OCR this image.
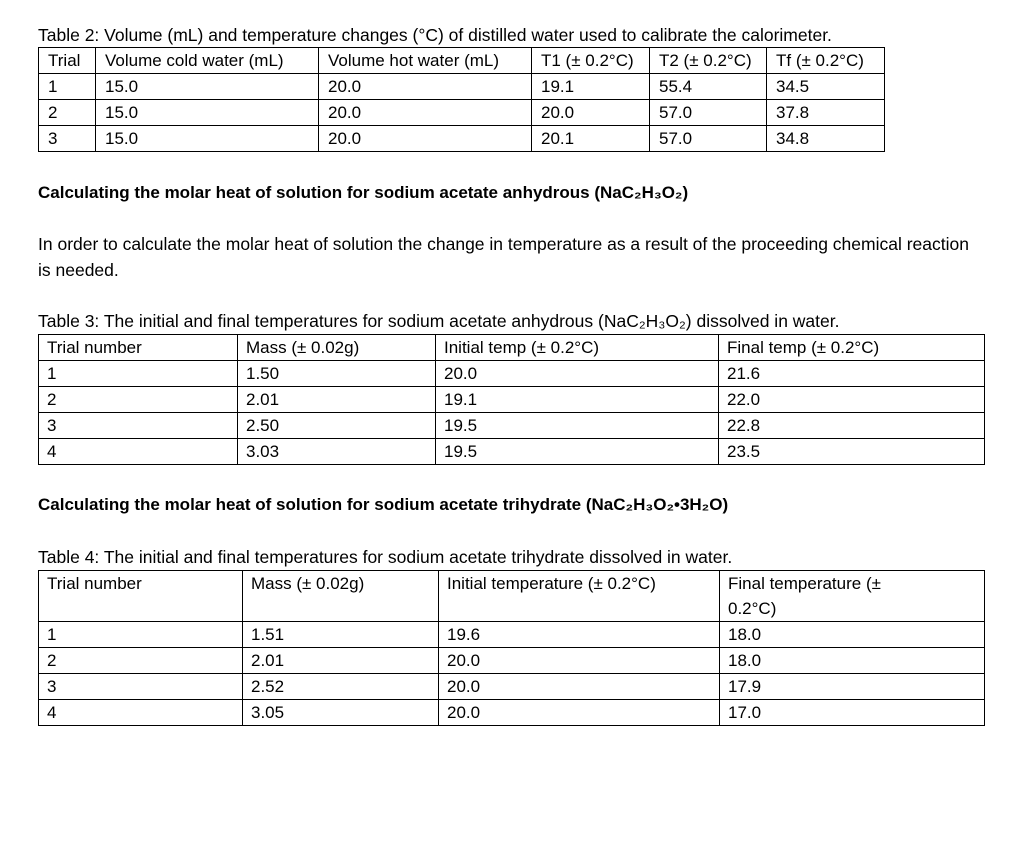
Table 2: Volume (mL) and temperature changes (°C) of distilled water used to calibrate the calorimeter.
Trial	Volume cold water (mL)	Volume hot water (mL)	T1 (± 0.2°C)	T2 (± 0.2°C)	Tf (± 0.2°C)
1	15.0	20.0	19.1	55.4	34.5
2	15.0	20.0	20.0	57.0	37.8
3	15.0	20.0	20.1	57.0	34.8
Calculating the molar heat of solution for sodium acetate anhydrous (NaC₂H₃O₂)
In order to calculate the molar heat of solution the change in temperature as a result of the proceeding chemical reaction is needed.
Table 3: The initial and final temperatures for sodium acetate anhydrous (NaC₂H₃O₂) dissolved in water.
Trial number	Mass (± 0.02g)	Initial temp (± 0.2°C)	Final temp (± 0.2°C)
1	1.50	20.0	21.6
2	2.01	19.1	22.0
3	2.50	19.5	22.8
4	3.03	19.5	23.5
Calculating the molar heat of solution for sodium acetate trihydrate (NaC₂H₃O₂•3H₂O)
Table 4: The initial and final temperatures for sodium acetate trihydrate dissolved in water.
Trial number	Mass (± 0.02g)	Initial temperature (± 0.2°C)	Final temperature (± 0.2°C)
1	1.51	19.6	18.0
2	2.01	20.0	18.0
3	2.52	20.0	17.9
4	3.05	20.0	17.0
